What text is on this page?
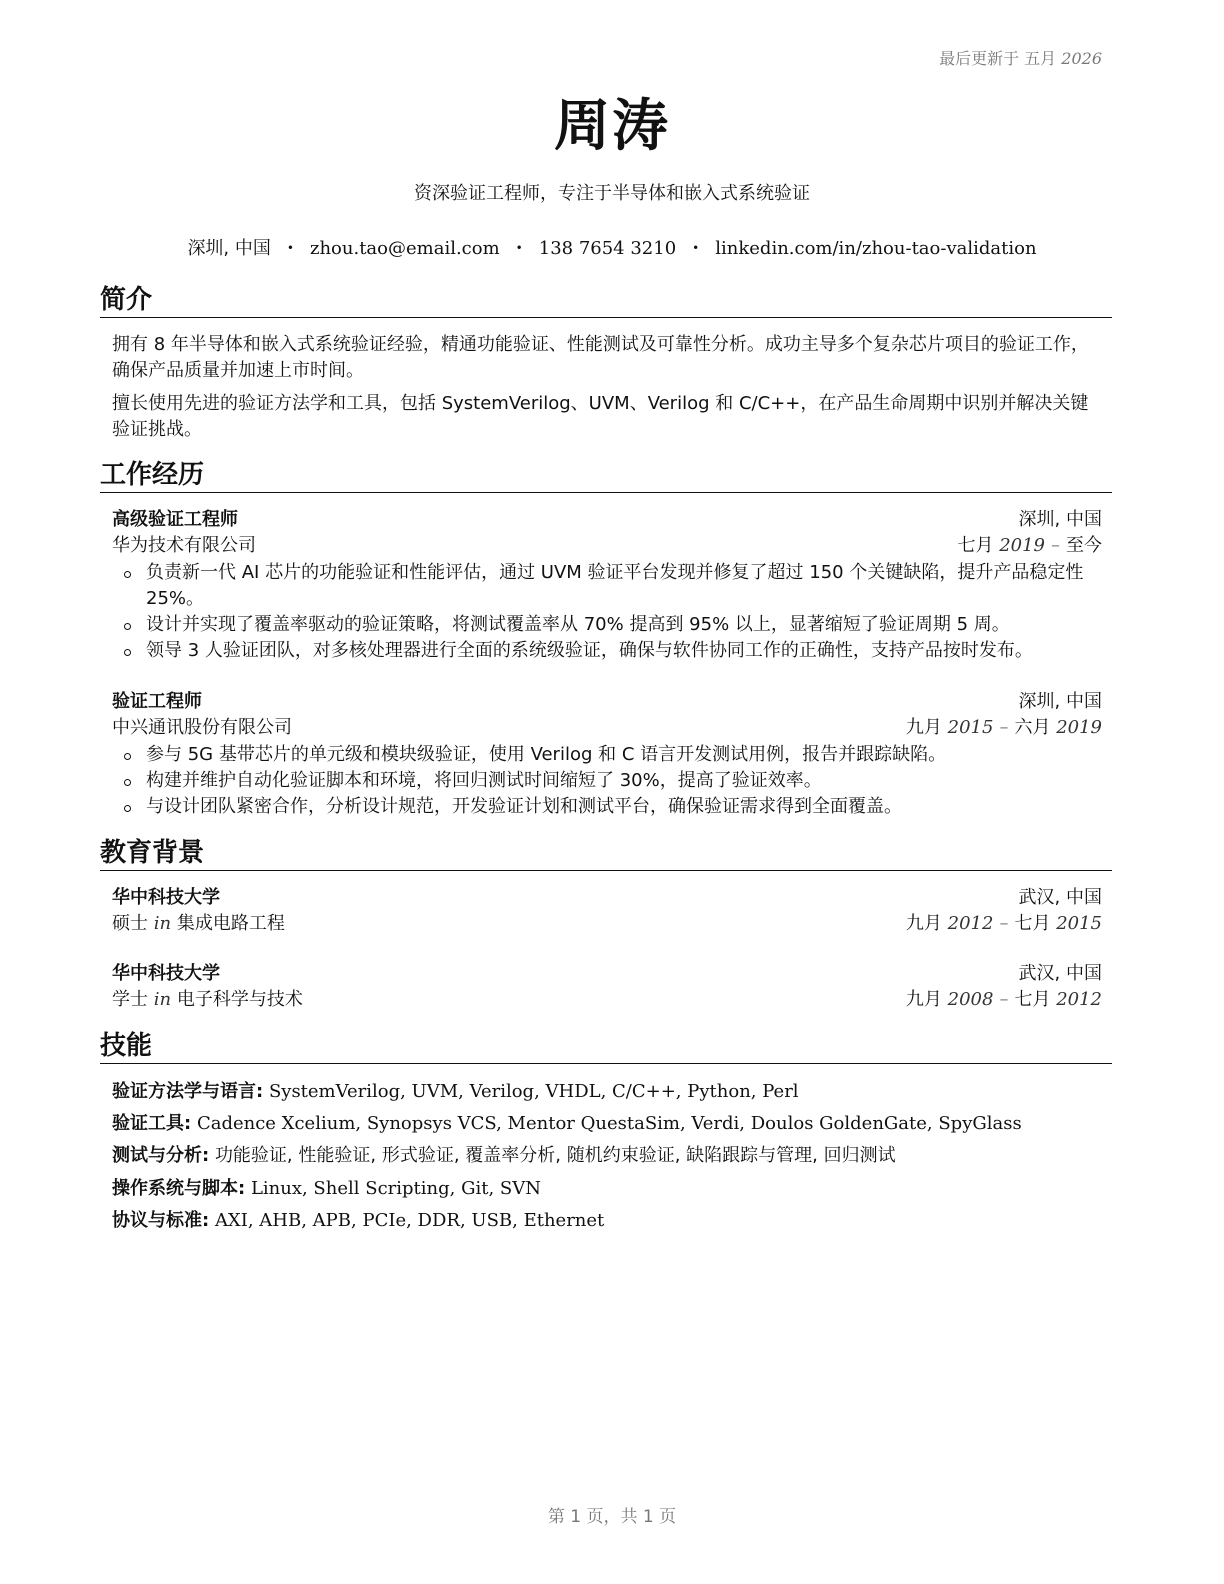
最后更新于 五月 2026
周涛
资深验证工程师，专注于半导体和嵌入式系统验证
深圳, 中国 • zhou.tao@email.com • 138 7654 3210 • linkedin.com/in/zhou-tao-validation
简介
拥有 8 年半导体和嵌入式系统验证经验，精通功能验证、性能测试及可靠性分析。成功主导多个复杂芯片项目的验证工作，确保产品质量并加速上市时间。
擅长使用先进的验证方法学和工具，包括 SystemVerilog、UVM、Verilog 和 C/C++，在产品生命周期中识别并解决关键验证挑战。
工作经历
高级验证工程师	深圳, 中国
华为技术有限公司	七月 2019 – 至今
负责新一代 AI 芯片的功能验证和性能评估，通过 UVM 验证平台发现并修复了超过 150 个关键缺陷，提升产品稳定性 25%。
设计并实现了覆盖率驱动的验证策略，将测试覆盖率从 70% 提高到 95% 以上，显著缩短了验证周期 5 周。
领导 3 人验证团队，对多核处理器进行全面的系统级验证，确保与软件协同工作的正确性，支持产品按时发布。
验证工程师	深圳, 中国
中兴通讯股份有限公司	九月 2015 – 六月 2019
参与 5G 基带芯片的单元级和模块级验证，使用 Verilog 和 C 语言开发测试用例，报告并跟踪缺陷。
构建并维护自动化验证脚本和环境，将回归测试时间缩短了 30%，提高了验证效率。
与设计团队紧密合作，分析设计规范，开发验证计划和测试平台，确保验证需求得到全面覆盖。
教育背景
华中科技大学	武汉, 中国
硕士 in 集成电路工程	九月 2012 – 七月 2015
华中科技大学	武汉, 中国
学士 in 电子科学与技术	九月 2008 – 七月 2012
技能
验证方法学与语言: SystemVerilog, UVM, Verilog, VHDL, C/C++, Python, Perl
验证工具: Cadence Xcelium, Synopsys VCS, Mentor QuestaSim, Verdi, Doulos GoldenGate, SpyGlass
测试与分析: 功能验证, 性能验证, 形式验证, 覆盖率分析, 随机约束验证, 缺陷跟踪与管理, 回归测试
操作系统与脚本: Linux, Shell Scripting, Git, SVN
协议与标准: AXI, AHB, APB, PCIe, DDR, USB, Ethernet
第 1 页，共 1 页
